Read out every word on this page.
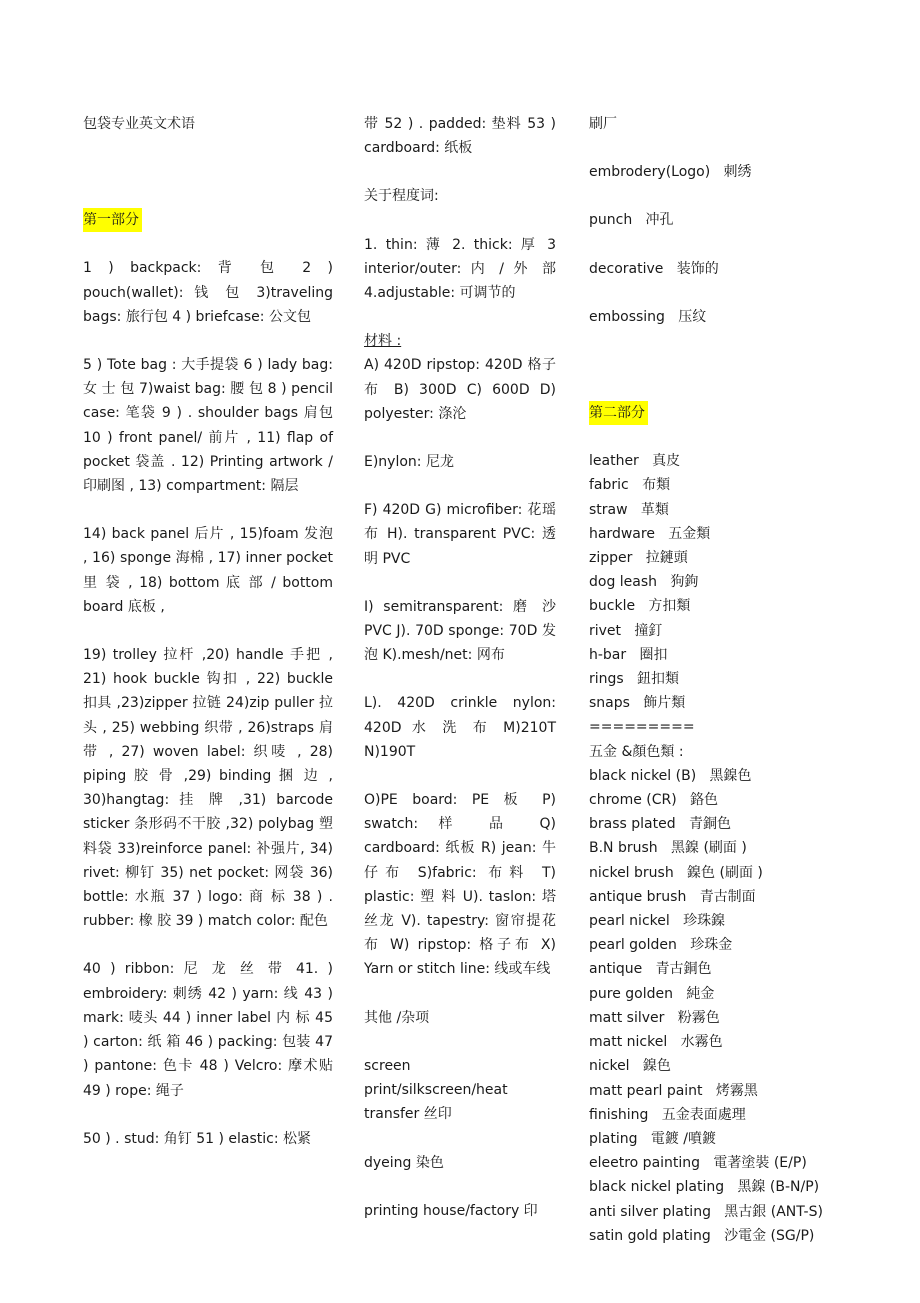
包袋专业英文术语

第一部分

1 ) backpack: 背 包 2 ) pouch(wallet): 钱 包 3)traveling bags: 旅行包 4 ) briefcase: 公文包

5 ) Tote bag : 大手提袋 6 ) lady bag: 女 士 包 7)waist bag: 腰 包 8 ) pencil case: 笔袋 9 ) . shoulder bags 肩包 10 ) front panel/ 前片 , 11) flap of pocket 袋盖 . 12) Printing artwork / 印刷图 , 13) compartment: 隔层

14) back panel 后片 , 15)foam 发泡 , 16) sponge 海棉 , 17) inner pocket 里 袋 , 18) bottom 底 部 / bottom board 底板 ,

19) trolley 拉杆 ,20) handle 手把 , 21) hook buckle 钩扣 , 22) buckle 扣具 ,23)zipper 拉链 24)zip puller 拉头 , 25) webbing 织带 , 26)straps 肩带 , 27) woven label: 织唛 , 28) piping 胶 骨 ,29) binding 捆 边 , 30)hangtag: 挂 牌 ,31) barcode sticker 条形码不干胶 ,32) polybag 塑料袋 33)reinforce panel: 补强片, 34) rivet: 柳钉 35) net pocket: 网袋 36) bottle: 水瓶 37 ) logo: 商 标 38 ) . rubber: 橡 胶 39 ) match color: 配色

40 ) ribbon: 尼 龙 丝 带 41. ) embroidery: 刺绣 42 ) yarn: 线 43 ) mark: 唛头 44 ) inner label 内 标 45 ) carton: 纸 箱 46 ) packing: 包装 47 ) pantone: 色卡 48 ) Velcro: 摩术贴 49 ) rope: 绳子

50 ) . stud: 角钉 51 ) elastic: 松紧

带 52 ) . padded: 垫料 53 ) cardboard: 纸板

关于程度词:

1. thin: 薄 2. thick: 厚 3 interior/outer: 内 / 外 部 4.adjustable: 可调节的

材料 :

A) 420D ripstop: 420D 格子布 B) 300D C) 600D D) polyester: 涤沦

E)nylon: 尼龙

F) 420D G) microfiber: 花瑶布 H). transparent PVC: 透明 PVC

I) semitransparent: 磨 沙 PVC J). 70D sponge: 70D 发泡 K).mesh/net: 网布

L). 420D crinkle nylon: 420D 水 洗 布 M)210T N)190T

O)PE board: PE 板 P) swatch: 样 品 Q) cardboard: 纸板 R) jean: 牛仔布 S)fabric: 布料 T) plastic: 塑 料 U). taslon: 塔丝龙 V). tapestry: 窗帘提花布 W) ripstop: 格子布 X) Yarn or stitch line: 线或车线

其他 /杂项

screen print/silkscreen/heat transfer 丝印

dyeing 染色

printing house/factory 印

刷厂

embrodery(Logo)   刺绣

punch   冲孔

decorative   装饰的

embossing   压纹

第二部分

leather   真皮

fabric   布類

straw   革類

hardware   五金類

zipper   拉鏈頭

dog leash   狗鉤

buckle   方扣類

rivet   撞釘

h-bar   圈扣

rings   鈕扣類

snaps   飾片類

=========

五金 &顏色類 :

black nickel (B)   黑鎳色

chrome (CR)   鉻色

brass plated   青銅色

B.N brush   黑鎳 (刷面 )

nickel brush   鎳色 (刷面 )

antique brush   青古制面

pearl nickel   珍珠鎳

pearl golden   珍珠金

antique   青古銅色

pure golden   純金

matt silver   粉霧色

matt nickel   水霧色

nickel   鎳色

matt pearl paint   烤霧黑

finishing   五金表面處理

plating   電鍍 /噴鍍

eleetro painting   電著塗裝 (E/P)

black nickel plating   黑鎳 (B-N/P)

anti silver plating   黑古銀 (ANT-S)

satin gold plating   沙電金 (SG/P)
